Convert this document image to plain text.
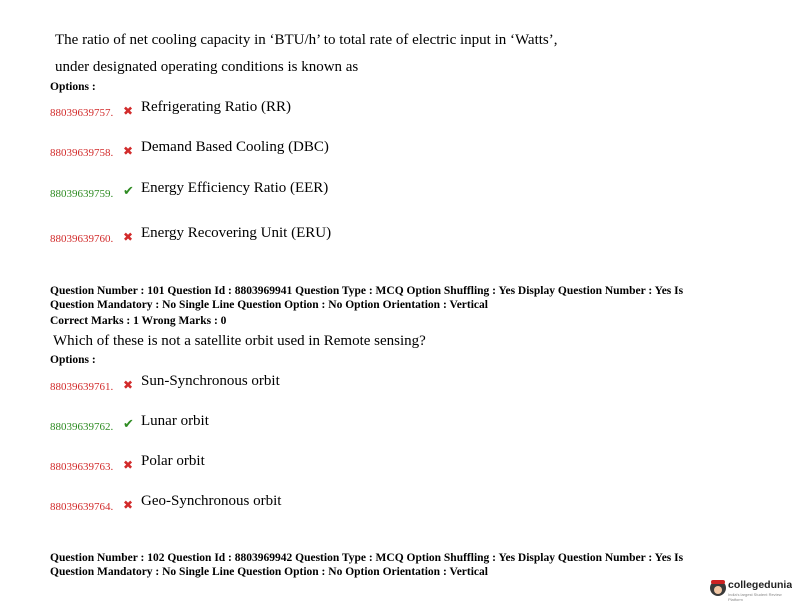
The ratio of net cooling capacity in ‘BTU/h’ to total rate of electric input in ‘Watts’,
under designated operating conditions is known as
Options :
88039639757. ✖ Refrigerating Ratio (RR)
88039639758. ✖ Demand Based Cooling (DBC)
88039639759. ✔ Energy Efficiency Ratio (EER)
88039639760. ✖ Energy Recovering Unit (ERU)
Question Number : 101 Question Id : 8803969941 Question Type : MCQ Option Shuffling : Yes Display Question Number : Yes Is
Question Mandatory : No Single Line Question Option : No Option Orientation : Vertical
Correct Marks : 1 Wrong Marks : 0
Which of these is not a satellite orbit used in Remote sensing?
Options :
88039639761. ✖ Sun-Synchronous orbit
88039639762. ✔ Lunar orbit
88039639763. ✖ Polar orbit
88039639764. ✖ Geo-Synchronous orbit
Question Number : 102 Question Id : 8803969942 Question Type : MCQ Option Shuffling : Yes Display Question Number : Yes Is
Question Mandatory : No Single Line Question Option : No Option Orientation : Vertical
collegedunia
India's largest Student Review Platform
